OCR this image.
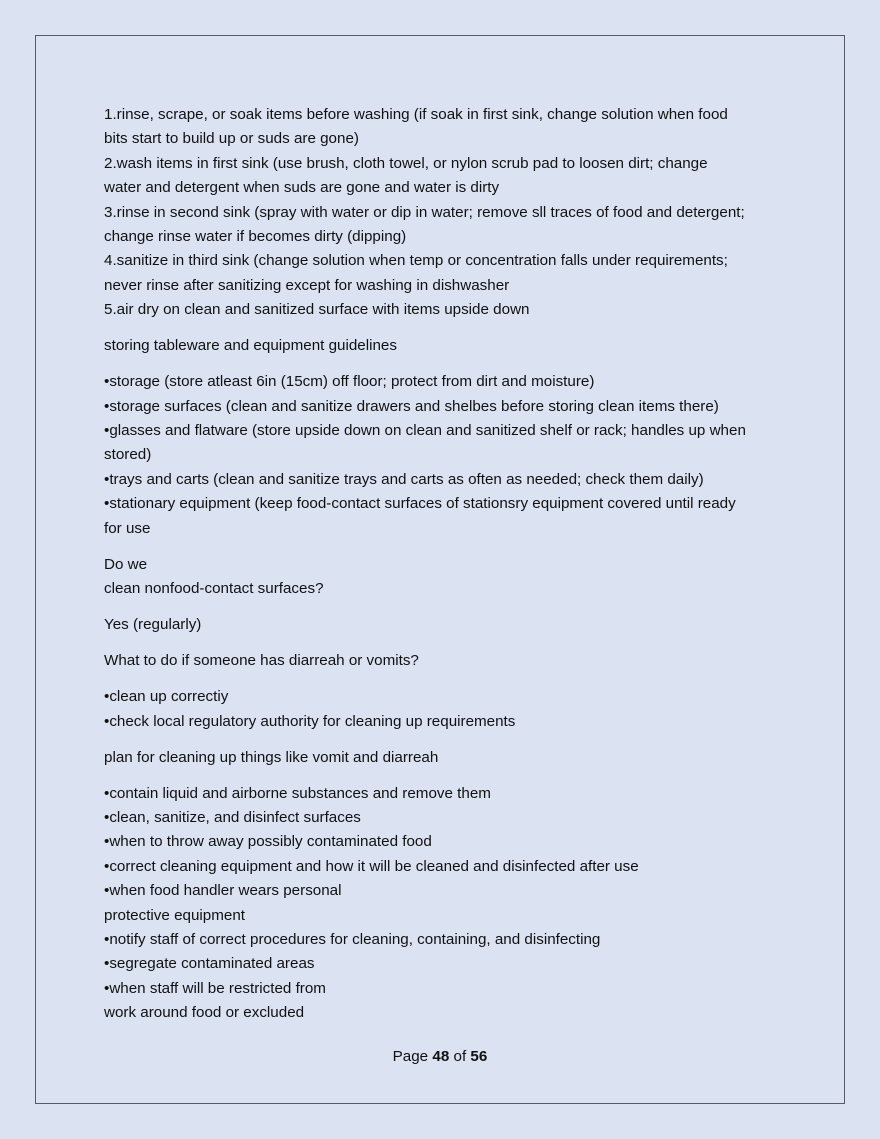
1.rinse, scrape, or soak items before washing (if soak in first sink, change solution when food
bits start to build up or suds are gone)
2.wash items in first sink (use brush, cloth towel, or nylon scrub pad to loosen dirt; change
water and detergent when suds are gone and water is dirty
3.rinse in second sink (spray with water or dip in water; remove sll traces of food and detergent;
change rinse water if becomes dirty (dipping)
4.sanitize in third sink (change solution when temp or concentration falls under requirements;
never rinse after sanitizing except for washing in dishwasher
5.air dry on clean and sanitized surface with items upside down
storing tableware and equipment guidelines
•storage (store atleast 6in (15cm) off floor; protect from dirt and moisture)
•storage surfaces (clean and sanitize drawers and shelbes before storing clean items there)
•glasses and flatware (store upside down on clean and sanitized shelf or rack; handles up when
stored)
•trays and carts (clean and sanitize trays and carts as often as needed; check them daily)
•stationary equipment (keep food-contact surfaces of stationsry equipment covered until ready
for use
Do we
clean nonfood-contact surfaces?
Yes (regularly)
What to do if someone has diarreah or vomits?
•clean up correctiy
•check local regulatory authority for cleaning up requirements
plan for cleaning up things like vomit and diarreah
•contain liquid and airborne substances and remove them
•clean, sanitize, and disinfect surfaces
•when to throw away possibly contaminated food
•correct cleaning equipment and how it will be cleaned and disinfected after use
•when food handler wears personal
protective equipment
•notify staff of correct procedures for cleaning, containing, and disinfecting
•segregate contaminated areas
•when staff will be restricted from
work around food or excluded
Page 48 of 56
